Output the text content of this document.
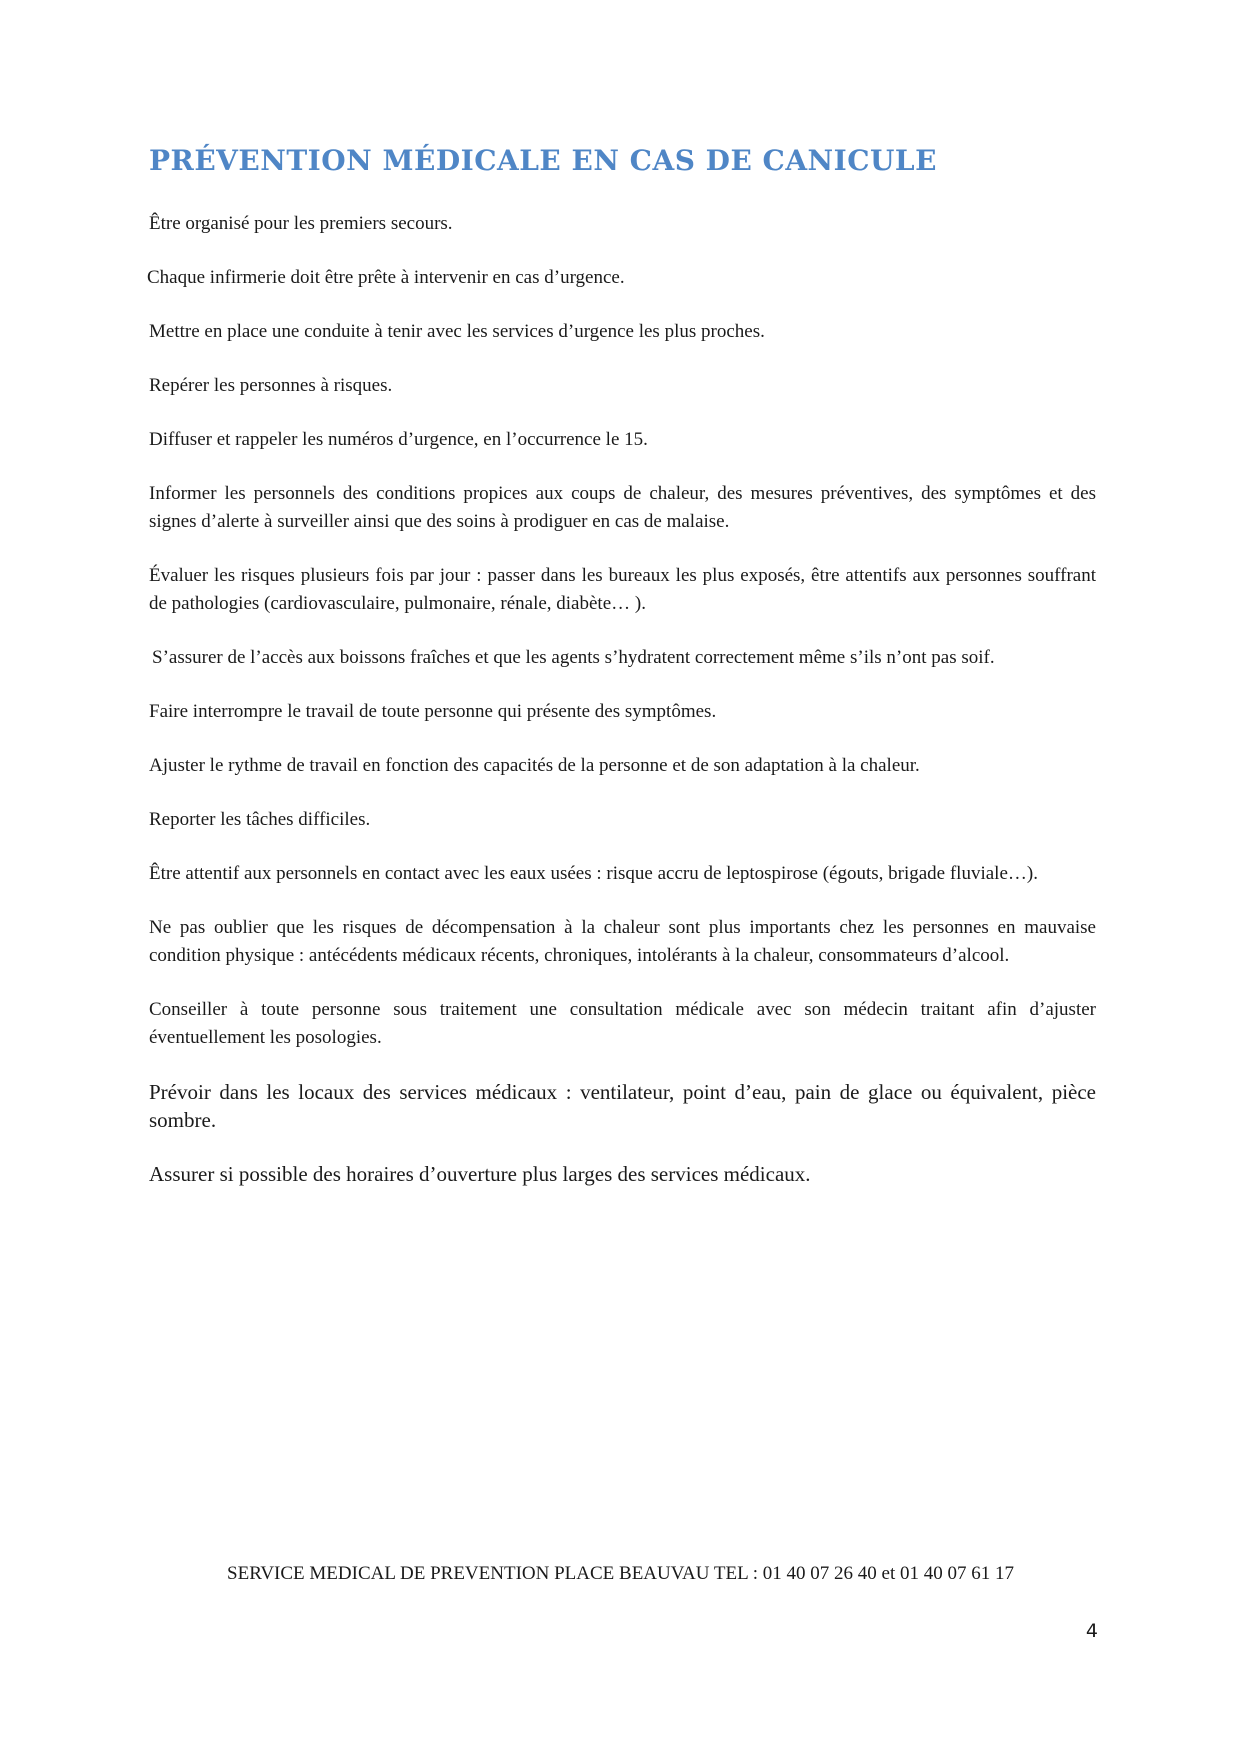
PRÉVENTION MÉDICALE EN CAS DE CANICULE

Être organisé pour les premiers secours.

Chaque infirmerie doit être prête à intervenir en cas d’urgence.

Mettre en place une conduite à tenir avec les services d’urgence les plus proches.

Repérer les personnes à risques.

Diffuser et rappeler les numéros d’urgence, en l’occurrence le 15.

Informer les personnels des conditions propices aux coups de chaleur, des mesures préventives, des symptômes et des signes d’alerte à surveiller ainsi que des soins à prodiguer en cas de malaise.

Évaluer les risques plusieurs fois par jour : passer dans les bureaux les plus exposés, être attentifs aux personnes souffrant de pathologies (cardiovasculaire, pulmonaire, rénale, diabète… ).

S’assurer de l’accès aux boissons fraîches et que les agents s’hydratent correctement même s’ils n’ont pas soif.

Faire interrompre le travail de toute personne qui présente des symptômes.

Ajuster le rythme de travail en fonction des capacités de la personne et de son adaptation à la chaleur.

Reporter les tâches difficiles.

Être attentif aux personnels en contact avec les eaux usées : risque accru de leptospirose (égouts, brigade fluviale…).

Ne pas oublier que les risques de décompensation à la chaleur sont plus importants chez les personnes en mauvaise condition physique : antécédents médicaux récents, chroniques, intolérants à la chaleur, consommateurs d’alcool.

Conseiller à toute personne sous traitement une consultation médicale avec son médecin traitant afin d’ajuster éventuellement les posologies.

Prévoir dans les locaux des services médicaux : ventilateur, point d’eau, pain de glace ou équivalent, pièce sombre.

Assurer si possible des horaires d’ouverture plus larges des services médicaux.

SERVICE MEDICAL DE PREVENTION PLACE BEAUVAU TEL : 01 40 07 26 40 et 01 40 07 61 17
4
